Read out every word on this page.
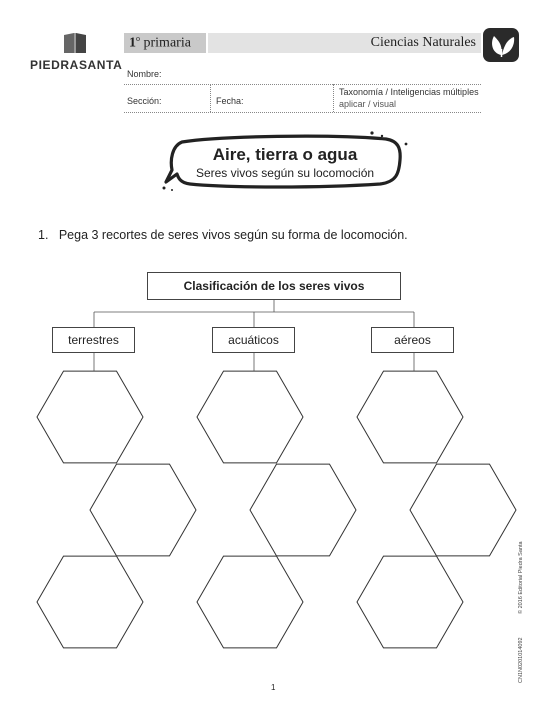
PIEDRASANTA
1$^o$ primaria	Ciencias Naturales
Nombre:
Sección:	Fecha:
Taxonomía / Inteligencias múltiples
aplicar / visual
Aire, tierra o agua
Seres vivos según su locomoción
1.   Pega 3 recortes de seres vivos según su forma de locomoción.
Clasificación de los seres vivos
terrestres	acuáticos	aéreos
© 2016 Editorial Piedra Santa
CN1N0201014092
1
